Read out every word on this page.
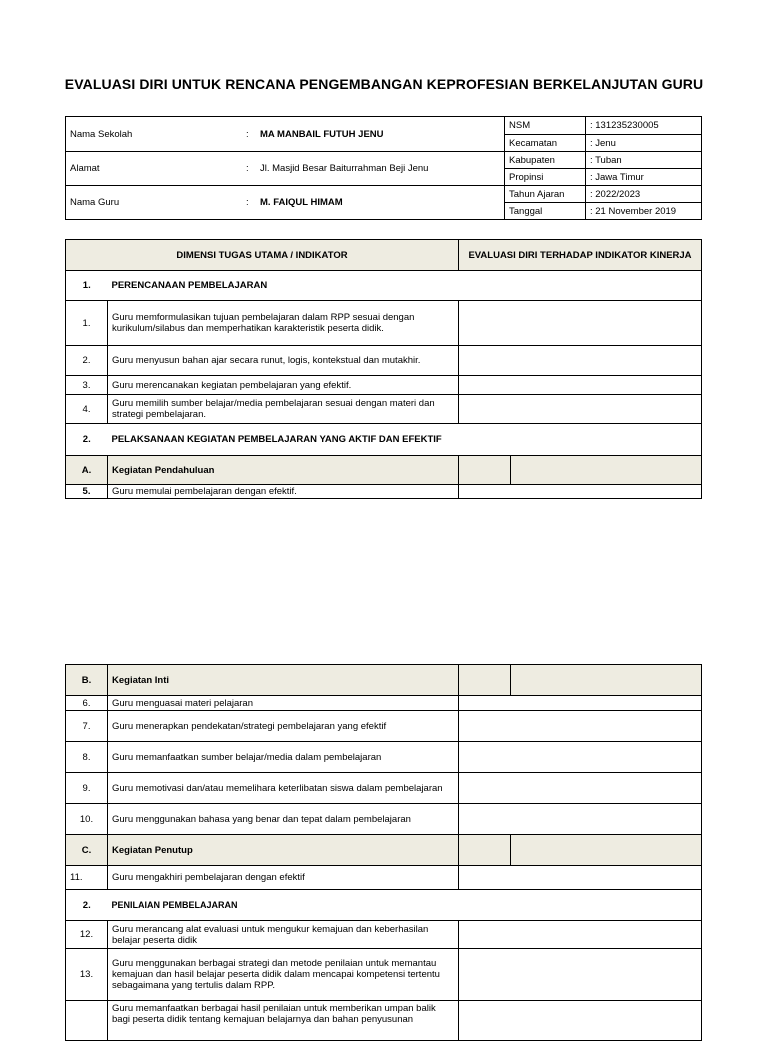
EVALUASI DIRI UNTUK RENCANA PENGEMBANGAN KEPROFESIAN BERKELANJUTAN GURU
Nama Sekolah	:	MA MANBAIL FUTUH JENU	NSM	: 131235230005
			Kecamatan	: Jenu
Alamat	:	Jl. Masjid Besar Baiturrahman Beji Jenu	Kabupaten	: Tuban
			Propinsi	: Jawa Timur
Nama Guru	:	M. FAIQUL HIMAM	Tahun Ajaran	: 2022/2023
			Tanggal	: 21 November 2019
DIMENSI TUGAS UTAMA / INDIKATOR		EVALUASI DIRI TERHADAP INDIKATOR KINERJA	
1.	PERENCANAAN PEMBELAJARAN		
1.	Guru memformulasikan tujuan pembelajaran dalam RPP sesuai dengan kurikulum/silabus dan memperhatikan karakteristik peserta didik.		
2.	Guru menyusun bahan ajar secara runut, logis, kontekstual dan mutakhir.		
3.	Guru merencanakan kegiatan pembelajaran yang efektif.		
4.	Guru memilih sumber belajar/media pembelajaran sesuai dengan materi dan strategi pembelajaran.		
2.	PELAKSANAAN KEGIATAN PEMBELAJARAN YANG AKTIF DAN EFEKTIF		
A.	Kegiatan Pendahuluan		
5.	Guru memulai pembelajaran dengan efektif.		
B.	Kegiatan Inti		
6.	Guru menguasai materi pelajaran		
7.	Guru menerapkan pendekatan/strategi pembelajaran yang efektif		
8.	Guru memanfaatkan sumber belajar/media dalam pembelajaran		
9.	Guru memotivasi dan/atau memelihara keterlibatan siswa dalam pembelajaran		
10.	Guru menggunakan bahasa yang benar dan tepat dalam pembelajaran		
C.	Kegiatan Penutup		
11.	Guru mengakhiri pembelajaran dengan efektif		
2.	PENILAIAN PEMBELAJARAN		
12.	Guru merancang alat evaluasi untuk mengukur kemajuan dan keberhasilan belajar peserta didik		
13.	Guru menggunakan berbagai strategi dan metode penilaian untuk memantau kemajuan dan hasil belajar peserta didik dalam mencapai kompetensi tertentu sebagaimana yang tertulis dalam RPP.		
	Guru memanfaatkan berbagai hasil penilaian untuk memberikan umpan balik bagi peserta didik tentang kemajuan belajarnya dan bahan penyusunan		
